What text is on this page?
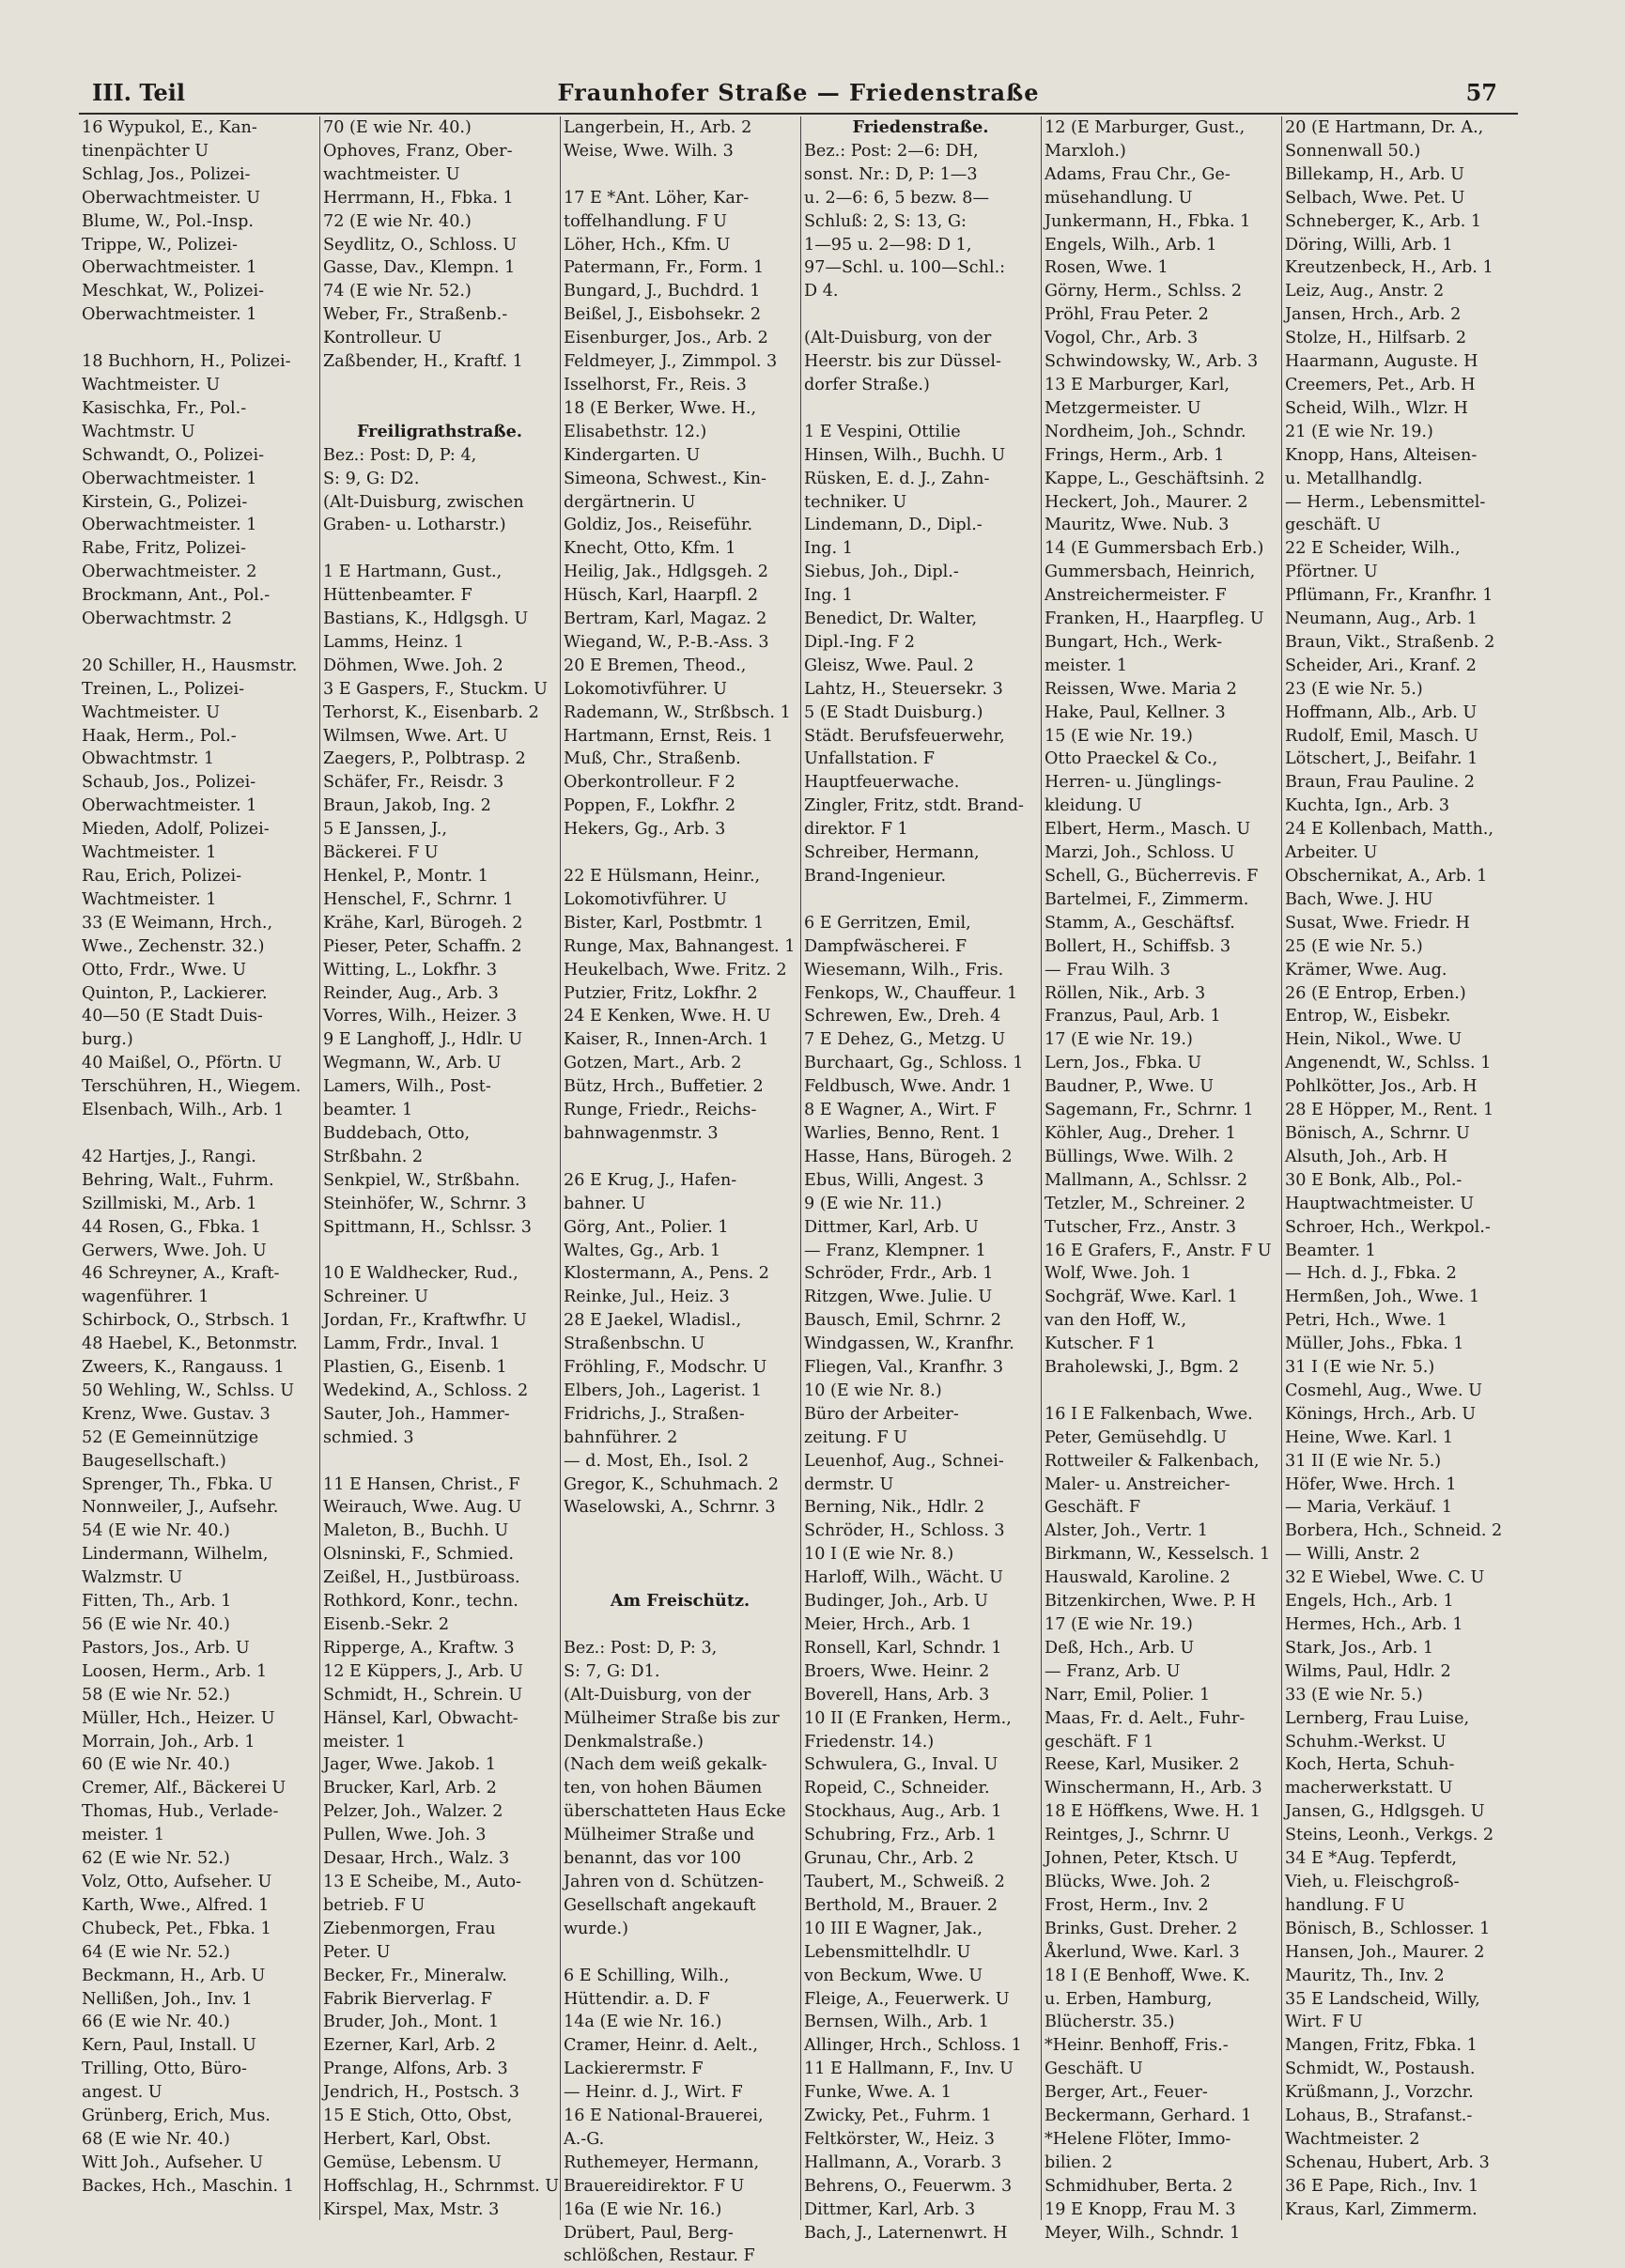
III. Teil	Fraunhofer Straße — Friedenstraße	57
16 Wypukol, E., Kan-
tinenpächter U
Schlag, Jos., Polizei-
Oberwachtmeister. U
Blume, W., Pol.-Insp.
Trippe, W., Polizei-
Oberwachtmeister. 1
Meschkat, W., Polizei-
Oberwachtmeister. 1

18 Buchhorn, H., Polizei-
Wachtmeister. U
Kasischka, Fr., Pol.-
Wachtmstr. U
Schwandt, O., Polizei-
Oberwachtmeister. 1
Kirstein, G., Polizei-
Oberwachtmeister. 1
Rabe, Fritz, Polizei-
Oberwachtmeister. 2
Brockmann, Ant., Pol.-
Oberwachtmstr. 2

20 Schiller, H., Hausmstr.
Treinen, L., Polizei-
Wachtmeister. U
Haak, Herm., Pol.-
Obwachtmstr. 1
Schaub, Jos., Polizei-
Oberwachtmeister. 1
Mieden, Adolf, Polizei-
Wachtmeister. 1
Rau, Erich, Polizei-
Wachtmeister. 1
33 (E Weimann, Hrch.,
Wwe., Zechenstr. 32.)
Otto, Frdr., Wwe. U
Quinton, P., Lackierer.
40—50 (E Stadt Duis-
burg.)
40 Maißel, O., Pförtn. U
Terschühren, H., Wiegem.
Elsenbach, Wilh., Arb. 1

42 Hartjes, J., Rangi.
Behring, Walt., Fuhrm.
Szillmiski, M., Arb. 1
44 Rosen, G., Fbka. 1
Gerwers, Wwe. Joh. U
46 Schreyner, A., Kraft-
wagenführer. 1
Schirbock, O., Strbsch. 1
48 Haebel, K., Betonmstr.
Zweers, K., Rangauss. 1
50 Wehling, W., Schlss. U
Krenz, Wwe. Gustav. 3
52 (E Gemeinnützige
Baugesellschaft.)
Sprenger, Th., Fbka. U
Nonnweiler, J., Aufsehr.
54 (E wie Nr. 40.)
Lindermann, Wilhelm,
Walzmstr. U
Fitten, Th., Arb. 1
56 (E wie Nr. 40.)
Pastors, Jos., Arb. U
Loosen, Herm., Arb. 1
58 (E wie Nr. 52.)
Müller, Hch., Heizer. U
Morrain, Joh., Arb. 1
60 (E wie Nr. 40.)
Cremer, Alf., Bäckerei U
Thomas, Hub., Verlade-
meister. 1
62 (E wie Nr. 52.)
Volz, Otto, Aufseher. U
Karth, Wwe., Alfred. 1
Chubeck, Pet., Fbka. 1
64 (E wie Nr. 52.)
Beckmann, H., Arb. U
Nellißen, Joh., Inv. 1
66 (E wie Nr. 40.)
Kern, Paul, Install. U
Trilling, Otto, Büro-
angest. U
Grünberg, Erich, Mus.
68 (E wie Nr. 40.)
Witt Joh., Aufseher. U
Backes, Hch., Maschin. 1
70 (E wie Nr. 40.)
Ophoves, Franz, Ober-
wachtmeister. U
Herrmann, H., Fbka. 1
72 (E wie Nr. 40.)
Seydlitz, O., Schloss. U
Gasse, Dav., Klempn. 1
74 (E wie Nr. 52.)
Weber, Fr., Straßenb.-
Kontrolleur. U
Zaßbender, H., Kraftf. 1

Freiligrathstraße.
Bez.: Post: D, P: 4,
S: 9, G: D2.
(Alt-Duisburg, zwischen
Graben- u. Lotharstr.)

1 E Hartmann, Gust.,
Hüttenbeamter. F
Bastians, K., Hdlgsgh. U
Lamms, Heinz. 1
Döhmen, Wwe. Joh. 2
3 E Gaspers, F., Stuckm. U
Terhorst, K., Eisenbarb. 2
Wilmsen, Wwe. Art. U
Zaegers, P., Polbtrasp. 2
Schäfer, Fr., Reisdr. 3
Braun, Jakob, Ing. 2
5 E Janssen, J.,
Bäckerei. F U
Henkel, P., Montr. 1
Henschel, F., Schrnr. 1
Krähe, Karl, Bürogeh. 2
Pieser, Peter, Schaffn. 2
Witting, L., Lokfhr. 3
Reinder, Aug., Arb. 3
Vorres, Wilh., Heizer. 3
9 E Langhoff, J., Hdlr. U
Wegmann, W., Arb. U
Lamers, Wilh., Post-
beamter. 1
Buddebach, Otto,
Strßbahn. 2
Senkpiel, W., Strßbahn.
Steinhöfer, W., Schrnr. 3
Spittmann, H., Schlssr. 3

10 E Waldhecker, Rud.,
Schreiner. U
Jordan, Fr., Kraftwfhr. U
Lamm, Frdr., Inval. 1
Plastien, G., Eisenb. 1
Wedekind, A., Schloss. 2
Sauter, Joh., Hammer-
schmied. 3

11 E Hansen, Christ., F
Weirauch, Wwe. Aug. U
Maleton, B., Buchh. U
Olsninski, F., Schmied.
Zeißel, H., Justbüroass.
Rothkord, Konr., techn.
Eisenb.-Sekr. 2
Ripperge, A., Kraftw. 3
12 E Küppers, J., Arb. U
Schmidt, H., Schrein. U
Hänsel, Karl, Obwacht-
meister. 1
Jager, Wwe. Jakob. 1
Brucker, Karl, Arb. 2
Pelzer, Joh., Walzer. 2
Pullen, Wwe. Joh. 3
Desaar, Hrch., Walz. 3
13 E Scheibe, M., Auto-
betrieb. F U
Ziebenmorgen, Frau
Peter. U
Becker, Fr., Mineralw.
Fabrik Bierverlag. F
Bruder, Joh., Mont. 1
Ezerner, Karl, Arb. 2
Prange, Alfons, Arb. 3
Jendrich, H., Postsch. 3
15 E Stich, Otto, Obst,
Herbert, Karl, Obst.
Gemüse, Lebensm. U
Hoffschlag, H., Schrnmst. U
Kirspel, Max, Mstr. 3
Langerbein, H., Arb. 2
Weise, Wwe. Wilh. 3

17 E *Ant. Löher, Kar-
toffelhandlung. F U
Löher, Hch., Kfm. U
Patermann, Fr., Form. 1
Bungard, J., Buchdrd. 1
Beißel, J., Eisbohsekr. 2
Eisenburger, Jos., Arb. 2
Feldmeyer, J., Zimmpol. 3
Isselhorst, Fr., Reis. 3
18 (E Berker, Wwe. H.,
Elisabethstr. 12.)
Kindergarten. U
Simeona, Schwest., Kin-
dergärtnerin. U
Goldiz, Jos., Reiseführ.
Knecht, Otto, Kfm. 1
Heilig, Jak., Hdlgsgeh. 2
Hüsch, Karl, Haarpfl. 2
Bertram, Karl, Magaz. 2
Wiegand, W., P.-B.-Ass. 3
20 E Bremen, Theod.,
Lokomotivführer. U
Rademann, W., Strßbsch. 1
Hartmann, Ernst, Reis. 1
Muß, Chr., Straßenb.
Oberkontrolleur. F 2
Poppen, F., Lokfhr. 2
Hekers, Gg., Arb. 3

22 E Hülsmann, Heinr.,
Lokomotivführer. U
Bister, Karl, Postbmtr. 1
Runge, Max, Bahnangest. 1
Heukelbach, Wwe. Fritz. 2
Putzier, Fritz, Lokfhr. 2
24 E Kenken, Wwe. H. U
Kaiser, R., Innen-Arch. 1
Gotzen, Mart., Arb. 2
Bütz, Hrch., Buffetier. 2
Runge, Friedr., Reichs-
bahnwagenmstr. 3

26 E Krug, J., Hafen-
bahner. U
Görg, Ant., Polier. 1
Waltes, Gg., Arb. 1
Klostermann, A., Pens. 2
Reinke, Jul., Heiz. 3
28 E Jaekel, Wladisl.,
Straßenbschn. U
Fröhling, F., Modschr. U
Elbers, Joh., Lagerist. 1
Fridrichs, J., Straßen-
bahnführer. 2
— d. Most, Eh., Isol. 2
Gregor, K., Schuhmach. 2
Waselowski, A., Schrnr. 3

Am Freischütz.

Bez.: Post: D, P: 3,
S: 7, G: D1.
(Alt-Duisburg, von der
Mülheimer Straße bis zur
Denkmalstraße.)
(Nach dem weiß gekalk-
ten, von hohen Bäumen
überschatteten Haus Ecke
Mülheimer Straße und
benannt, das vor 100
Jahren von d. Schützen-
Gesellschaft angekauft
wurde.)

6 E Schilling, Wilh.,
Hüttendir. a. D. F
14a (E wie Nr. 16.)
Cramer, Heinr. d. Aelt.,
Lackierermstr. F
— Heinr. d. J., Wirt. F
16 E National-Brauerei,
A.-G.
Ruthemeyer, Hermann,
Brauereidirektor. F U
16a (E wie Nr. 16.)
Drübert, Paul, Berg-
schlößchen, Restaur. F
Friedenstraße.
Bez.: Post: 2—6: DH,
sonst. Nr.: D, P: 1—3
u. 2—6: 6, 5 bezw. 8—
Schluß: 2, S: 13, G:
1—95 u. 2—98: D 1,
97—Schl. u. 100—Schl.:
D 4.

(Alt-Duisburg, von der
Heerstr. bis zur Düssel-
dorfer Straße.)

1 E Vespini, Ottilie
Hinsen, Wilh., Buchh. U
Rüsken, E. d. J., Zahn-
techniker. U
Lindemann, D., Dipl.-
Ing. 1
Siebus, Joh., Dipl.-
Ing. 1
Benedict, Dr. Walter,
Dipl.-Ing. F 2
Gleisz, Wwe. Paul. 2
Lahtz, H., Steuersekr. 3
5 (E Stadt Duisburg.)
Städt. Berufsfeuerwehr,
Unfallstation. F
Hauptfeuerwache.
Zingler, Fritz, stdt. Brand-
direktor. F 1
Schreiber, Hermann,
Brand-Ingenieur.

6 E Gerritzen, Emil,
Dampfwäscherei. F
Wiesemann, Wilh., Fris.
Fenkops, W., Chauffeur. 1
Schrewen, Ew., Dreh. 4
7 E Dehez, G., Metzg. U
Burchaart, Gg., Schloss. 1
Feldbusch, Wwe. Andr. 1
8 E Wagner, A., Wirt. F
Warlies, Benno, Rent. 1
Hasse, Hans, Bürogeh. 2
Ebus, Willi, Angest. 3
9 (E wie Nr. 11.)
Dittmer, Karl, Arb. U
— Franz, Klempner. 1
Schröder, Frdr., Arb. 1
Ritzgen, Wwe. Julie. U
Bausch, Emil, Schrnr. 2
Windgassen, W., Kranfhr.
Fliegen, Val., Kranfhr. 3
10 (E wie Nr. 8.)
Büro der Arbeiter-
zeitung. F U
Leuenhof, Aug., Schnei-
dermstr. U
Berning, Nik., Hdlr. 2
Schröder, H., Schloss. 3
10 I (E wie Nr. 8.)
Harloff, Wilh., Wächt. U
Budinger, Joh., Arb. U
Meier, Hrch., Arb. 1
Ronsell, Karl, Schndr. 1
Broers, Wwe. Heinr. 2
Boverell, Hans, Arb. 3
10 II (E Franken, Herm.,
Friedenstr. 14.)
Schwulera, G., Inval. U
Ropeid, C., Schneider.
Stockhaus, Aug., Arb. 1
Schubring, Frz., Arb. 1
Grunau, Chr., Arb. 2
Taubert, M., Schweiß. 2
Berthold, M., Brauer. 2
10 III E Wagner, Jak.,
Lebensmittelhdlr. U
von Beckum, Wwe. U
Fleige, A., Feuerwerk. U
Bernsen, Wilh., Arb. 1
Allinger, Hrch., Schloss. 1
11 E Hallmann, F., Inv. U
Funke, Wwe. A. 1
Zwicky, Pet., Fuhrm. 1
Feltkörster, W., Heiz. 3
Hallmann, A., Vorarb. 3
Behrens, O., Feuerwm. 3
Dittmer, Karl, Arb. 3
Bach, J., Laternenwrt. H
12 (E Marburger, Gust.,
Marxloh.)
Adams, Frau Chr., Ge-
müsehandlung. U
Junkermann, H., Fbka. 1
Engels, Wilh., Arb. 1
Rosen, Wwe. 1
Görny, Herm., Schlss. 2
Pröhl, Frau Peter. 2
Vogol, Chr., Arb. 3
Schwindowsky, W., Arb. 3
13 E Marburger, Karl,
Metzgermeister. U
Nordheim, Joh., Schndr.
Frings, Herm., Arb. 1
Kappe, L., Geschäftsinh. 2
Heckert, Joh., Maurer. 2
Mauritz, Wwe. Nub. 3
14 (E Gummersbach Erb.)
Gummersbach, Heinrich,
Anstreichermeister. F
Franken, H., Haarpfleg. U
Bungart, Hch., Werk-
meister. 1
Reissen, Wwe. Maria 2
Hake, Paul, Kellner. 3
15 (E wie Nr. 19.)
Otto Praeckel & Co.,
Herren- u. Jünglings-
kleidung. U
Elbert, Herm., Masch. U
Marzi, Joh., Schloss. U
Schell, G., Bücherrevis. F
Bartelmei, F., Zimmerm.
Stamm, A., Geschäftsf.
Bollert, H., Schiffsb. 3
— Frau Wilh. 3
Röllen, Nik., Arb. 3
Franzus, Paul, Arb. 1
17 (E wie Nr. 19.)
Lern, Jos., Fbka. U
Baudner, P., Wwe. U
Sagemann, Fr., Schrnr. 1
Köhler, Aug., Dreher. 1
Büllings, Wwe. Wilh. 2
Mallmann, A., Schlssr. 2
Tetzler, M., Schreiner. 2
Tutscher, Frz., Anstr. 3
16 E Grafers, F., Anstr. F U
Wolf, Wwe. Joh. 1
Sochgräf, Wwe. Karl. 1
van den Hoff, W.,
Kutscher. F 1
Braholewski, J., Bgm. 2

16 I E Falkenbach, Wwe.
Peter, Gemüsehdlg. U
Rottweiler & Falkenbach,
Maler- u. Anstreicher-
Geschäft. F
Alster, Joh., Vertr. 1
Birkmann, W., Kesselsch. 1
Hauswald, Karoline. 2
Bitzenkirchen, Wwe. P. H
17 (E wie Nr. 19.)
Deß, Hch., Arb. U
— Franz, Arb. U
Narr, Emil, Polier. 1
Maas, Fr. d. Aelt., Fuhr-
geschäft. F 1
Reese, Karl, Musiker. 2
Winschermann, H., Arb. 3
18 E Höffkens, Wwe. H. 1
Reintges, J., Schrnr. U
Johnen, Peter, Ktsch. U
Blücks, Wwe. Joh. 2
Frost, Herm., Inv. 2
Brinks, Gust. Dreher. 2
Åkerlund, Wwe. Karl. 3
18 I (E Benhoff, Wwe. K.
u. Erben, Hamburg,
Blücherstr. 35.)
*Heinr. Benhoff, Fris.-
Geschäft. U
Berger, Art., Feuer-
Beckermann, Gerhard. 1
*Helene Flöter, Immo-
bilien. 2
Schmidhuber, Berta. 2
19 E Knopp, Frau M. 3
Meyer, Wilh., Schndr. 1
20 (E Hartmann, Dr. A.,
Sonnenwall 50.)
Billekamp, H., Arb. U
Selbach, Wwe. Pet. U
Schneberger, K., Arb. 1
Döring, Willi, Arb. 1
Kreutzenbeck, H., Arb. 1
Leiz, Aug., Anstr. 2
Jansen, Hrch., Arb. 2
Stolze, H., Hilfsarb. 2
Haarmann, Auguste. H
Creemers, Pet., Arb. H
Scheid, Wilh., Wlzr. H
21 (E wie Nr. 19.)
Knopp, Hans, Alteisen-
u. Metallhandlg.
— Herm., Lebensmittel-
geschäft. U
22 E Scheider, Wilh.,
Pförtner. U
Pflümann, Fr., Kranfhr. 1
Neumann, Aug., Arb. 1
Braun, Vikt., Straßenb. 2
Scheider, Ari., Kranf. 2
23 (E wie Nr. 5.)
Hoffmann, Alb., Arb. U
Rudolf, Emil, Masch. U
Lötschert, J., Beifahr. 1
Braun, Frau Pauline. 2
Kuchta, Ign., Arb. 3
24 E Kollenbach, Matth.,
Arbeiter. U
Obschernikat, A., Arb. 1
Bach, Wwe. J. HU
Susat, Wwe. Friedr. H
25 (E wie Nr. 5.)
Krämer, Wwe. Aug.
26 (E Entrop, Erben.)
Entrop, W., Eisbekr.
Hein, Nikol., Wwe. U
Angenendt, W., Schlss. 1
Pohlkötter, Jos., Arb. H
28 E Höpper, M., Rent. 1
Bönisch, A., Schrnr. U
Alsuth, Joh., Arb. H
30 E Bonk, Alb., Pol.-
Hauptwachtmeister. U
Schroer, Hch., Werkpol.-
Beamter. 1
— Hch. d. J., Fbka. 2
Hermßen, Joh., Wwe. 1
Petri, Hch., Wwe. 1
Müller, Johs., Fbka. 1
31 I (E wie Nr. 5.)
Cosmehl, Aug., Wwe. U
Könings, Hrch., Arb. U
Heine, Wwe. Karl. 1
31 II (E wie Nr. 5.)
Höfer, Wwe. Hrch. 1
— Maria, Verkäuf. 1
Borbera, Hch., Schneid. 2
— Willi, Anstr. 2
32 E Wiebel, Wwe. C. U
Engels, Hch., Arb. 1
Hermes, Hch., Arb. 1
Stark, Jos., Arb. 1
Wilms, Paul, Hdlr. 2
33 (E wie Nr. 5.)
Lernberg, Frau Luise,
Schuhm.-Werkst. U
Koch, Herta, Schuh-
macherwerkstatt. U
Jansen, G., Hdlgsgeh. U
Steins, Leonh., Verkgs. 2
34 E *Aug. Tepferdt,
Vieh, u. Fleischgroß-
handlung. F U
Bönisch, B., Schlosser. 1
Hansen, Joh., Maurer. 2
Mauritz, Th., Inv. 2
35 E Landscheid, Willy,
Wirt. F U
Mangen, Fritz, Fbka. 1
Schmidt, W., Postaush.
Krüßmann, J., Vorzchr.
Lohaus, B., Strafanst.-
Wachtmeister. 2
Schenau, Hubert, Arb. 3
36 E Pape, Rich., Inv. 1
Kraus, Karl, Zimmerm.
